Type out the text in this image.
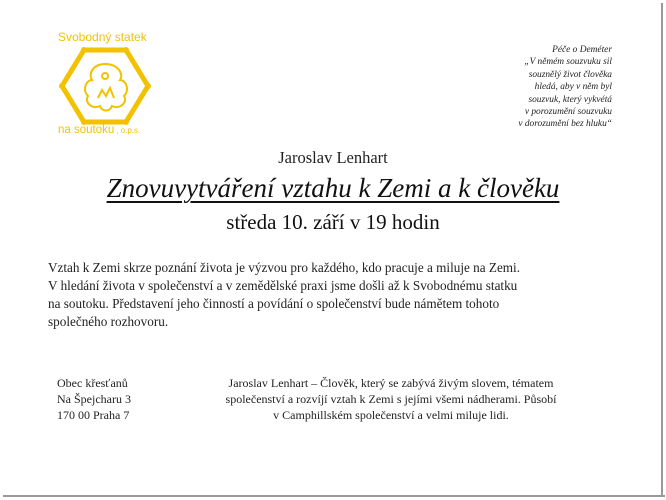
Svobodný statek
na soutoku , o.p.s.
Péče o Deméter
„V němém souzvuku sil
souznělý život člověka
hledá, aby v něm byl
souzvuk, který vykvétá
v porozumění souzvuku
v dorozumění bez hluku“
Jaroslav Lenhart
Znovuvytváření vztahu k Zemi a k člověku
středa 10. září v 19 hodin
Vztah k Zemi skrze poznání života je výzvou pro každého, kdo pracuje a miluje na Zemi.
V hledání života v společenství a v zemědělské praxi jsme došli až k Svobodnému statku
na soutoku. Představení jeho činností a povídání o společenství bude námětem tohoto
společného rozhovoru.
Obec křesťanů
Na Špejcharu 3
170 00 Praha 7
Jaroslav Lenhart – Člověk, který se zabývá živým slovem, tématem
společenství a rozvíjí vztah k Zemi s jejími všemi nádherami. Působí
v Camphillském společenství a velmi miluje lidi.
